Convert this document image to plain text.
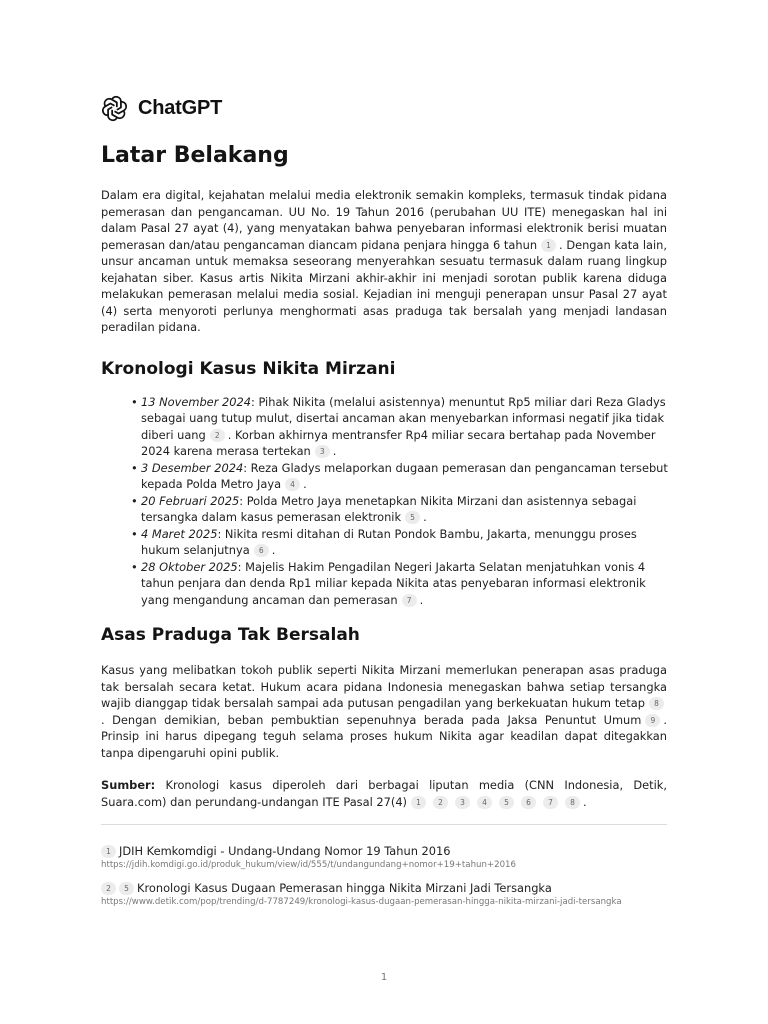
ChatGPT
Latar Belakang

Dalam era digital, kejahatan melalui media elektronik semakin kompleks, termasuk tindak pidana pemerasan dan pengancaman. UU No. 19 Tahun 2016 (perubahan UU ITE) menegaskan hal ini dalam Pasal 27 ayat (4), yang menyatakan bahwa penyebaran informasi elektronik berisi muatan pemerasan dan/atau pengancaman diancam pidana penjara hingga 6 tahun 1 . Dengan kata lain, unsur ancaman untuk memaksa seseorang menyerahkan sesuatu termasuk dalam ruang lingkup kejahatan siber. Kasus artis Nikita Mirzani akhir-akhir ini menjadi sorotan publik karena diduga melakukan pemerasan melalui media sosial. Kejadian ini menguji penerapan unsur Pasal 27 ayat (4) serta menyoroti perlunya menghormati asas praduga tak bersalah yang menjadi landasan peradilan pidana.

Kronologi Kasus Nikita Mirzani
• 13 November 2024: Pihak Nikita (melalui asistennya) menuntut Rp5 miliar dari Reza Gladys sebagai uang tutup mulut, disertai ancaman akan menyebarkan informasi negatif jika tidak diberi uang 2 . Korban akhirnya mentransfer Rp4 miliar secara bertahap pada November 2024 karena merasa tertekan 3 .
• 3 Desember 2024: Reza Gladys melaporkan dugaan pemerasan dan pengancaman tersebut kepada Polda Metro Jaya 4 .
• 20 Februari 2025: Polda Metro Jaya menetapkan Nikita Mirzani dan asistennya sebagai tersangka dalam kasus pemerasan elektronik 5 .
• 4 Maret 2025: Nikita resmi ditahan di Rutan Pondok Bambu, Jakarta, menunggu proses hukum selanjutnya 6 .
• 28 Oktober 2025: Majelis Hakim Pengadilan Negeri Jakarta Selatan menjatuhkan vonis 4 tahun penjara dan denda Rp1 miliar kepada Nikita atas penyebaran informasi elektronik yang mengandung ancaman dan pemerasan 7 .
Asas Praduga Tak Bersalah

Kasus yang melibatkan tokoh publik seperti Nikita Mirzani memerlukan penerapan asas praduga tak bersalah secara ketat. Hukum acara pidana Indonesia menegaskan bahwa setiap tersangka wajib dianggap tidak bersalah sampai ada putusan pengadilan yang berkekuatan hukum tetap 8. Dengan demikian, beban pembuktian sepenuhnya berada pada Jaksa Penuntut Umum 9 . Prinsip ini harus dipegang teguh selama proses hukum Nikita agar keadilan dapat ditegakkan tanpa dipengaruhi opini publik.

Sumber: Kronologi kasus diperoleh dari berbagai liputan media (CNN Indonesia, Detik, Suara.com) dan perundang-undangan ITE Pasal 27(4) 1 2 3 4 5 6 7 8 .

1 JDIH Kemkomdigi - Undang-Undang Nomor 19 Tahun 2016
https://jdih.komdigi.go.id/produk_hukum/view/id/555/t/undangundang+nomor+19+tahun+2016
2 5 Kronologi Kasus Dugaan Pemerasan hingga Nikita Mirzani Jadi Tersangka
https://www.detik.com/pop/trending/d-7787249/kronologi-kasus-dugaan-pemerasan-hingga-nikita-mirzani-jadi-tersangka
1
